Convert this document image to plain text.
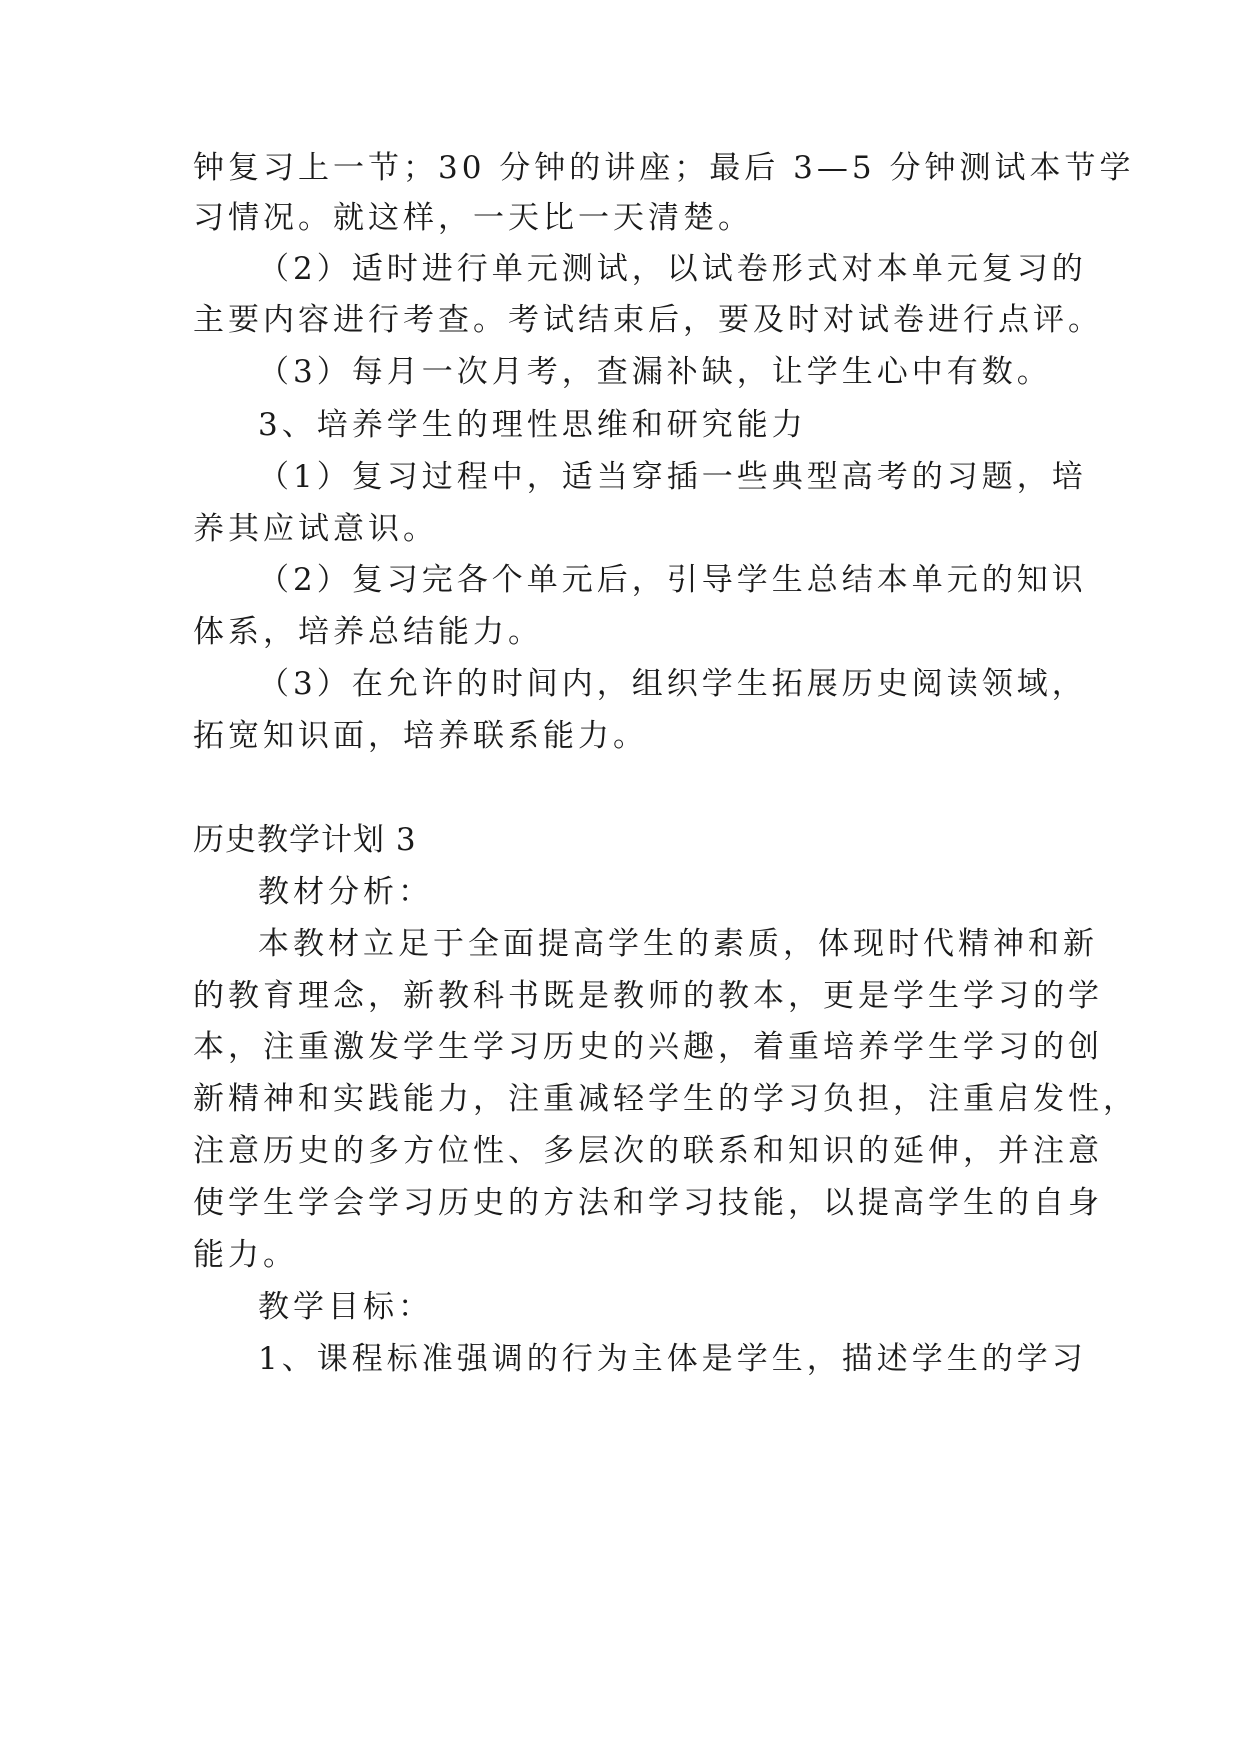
钟复习上一节；30 分钟的讲座；最后 3—5 分钟测试本节学
习情况。就这样，一天比一天清楚。
（2）适时进行单元测试，以试卷形式对本单元复习的
主要内容进行考查。考试结束后，要及时对试卷进行点评。
（3）每月一次月考，查漏补缺，让学生心中有数。
3、培养学生的理性思维和研究能力
（1）复习过程中，适当穿插一些典型高考的习题，培
养其应试意识。
（2）复习完各个单元后，引导学生总结本单元的知识
体系，培养总结能力。
（3）在允许的时间内，组织学生拓展历史阅读领域，
拓宽知识面，培养联系能力。
历史教学计划 3
教材分析：
本教材立足于全面提高学生的素质，体现时代精神和新
的教育理念，新教科书既是教师的教本，更是学生学习的学
本，注重激发学生学习历史的兴趣，着重培养学生学习的创
新精神和实践能力，注重减轻学生的学习负担，注重启发性，
注意历史的多方位性、多层次的联系和知识的延伸，并注意
使学生学会学习历史的方法和学习技能，以提高学生的自身
能力。
教学目标：
1、课程标准强调的行为主体是学生，描述学生的学习
